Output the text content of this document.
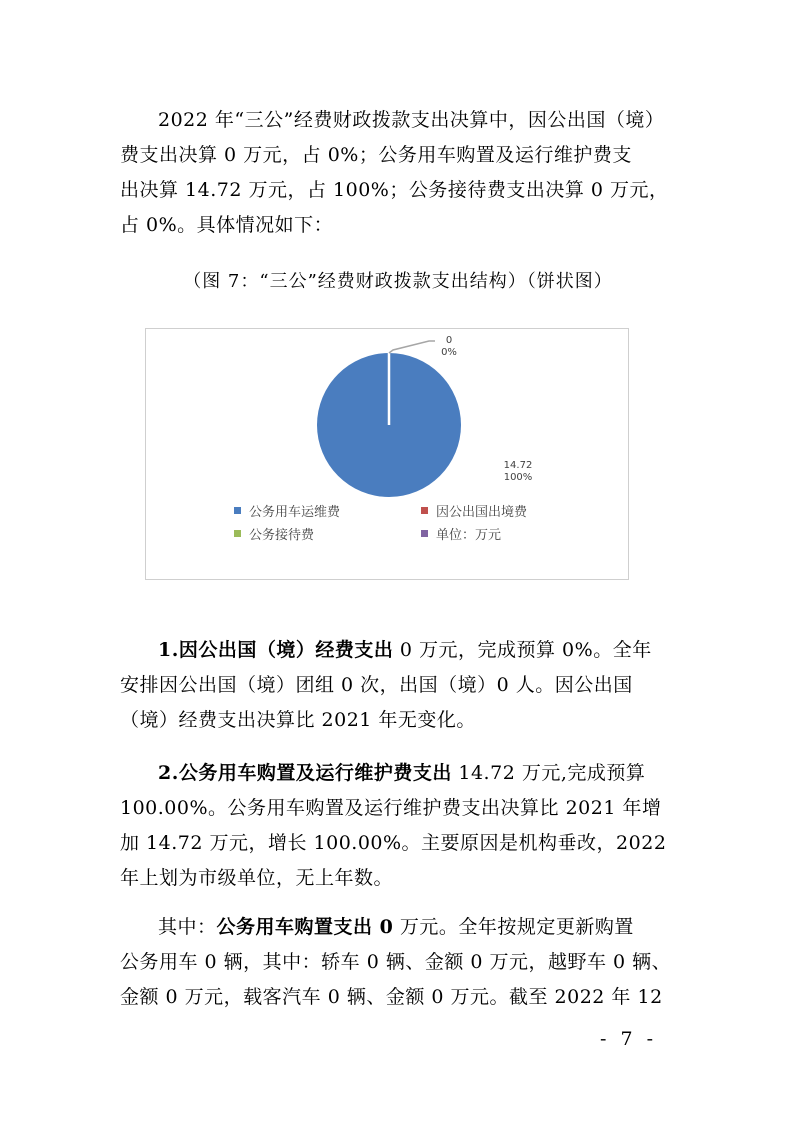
2022 年“三公”经费财政拨款支出决算中，因公出国（境）
费支出决算 0 万元，占 0%；公务用车购置及运行维护费支
出决算 14.72 万元，占 100%；公务接待费支出决算 0 万元，
占 0%。具体情况如下：

（图 7：“三公”经费财政拨款支出结构）（饼状图）

0
0%
14.72
100%
公务用车运维费	因公出国出境费
公务接待费	单位：万元

1.因公出国（境）经费支出 0 万元，完成预算 0%。全年
安排因公出国（境）团组 0 次，出国（境）0 人。因公出国
（境）经费支出决算比 2021 年无变化。

2.公务用车购置及运行维护费支出 14.72 万元,完成预算
100.00%。公务用车购置及运行维护费支出决算比 2021 年增
加 14.72 万元，增长 100.00%。主要原因是机构垂改，2022
年上划为市级单位，无上年数。

其中：公务用车购置支出 0 万元。全年按规定更新购置
公务用车 0 辆，其中：轿车 0 辆、金额 0 万元，越野车 0 辆、
金额 0 万元，载客汽车 0 辆、金额 0 万元。截至 2022 年 12

- 7 -
